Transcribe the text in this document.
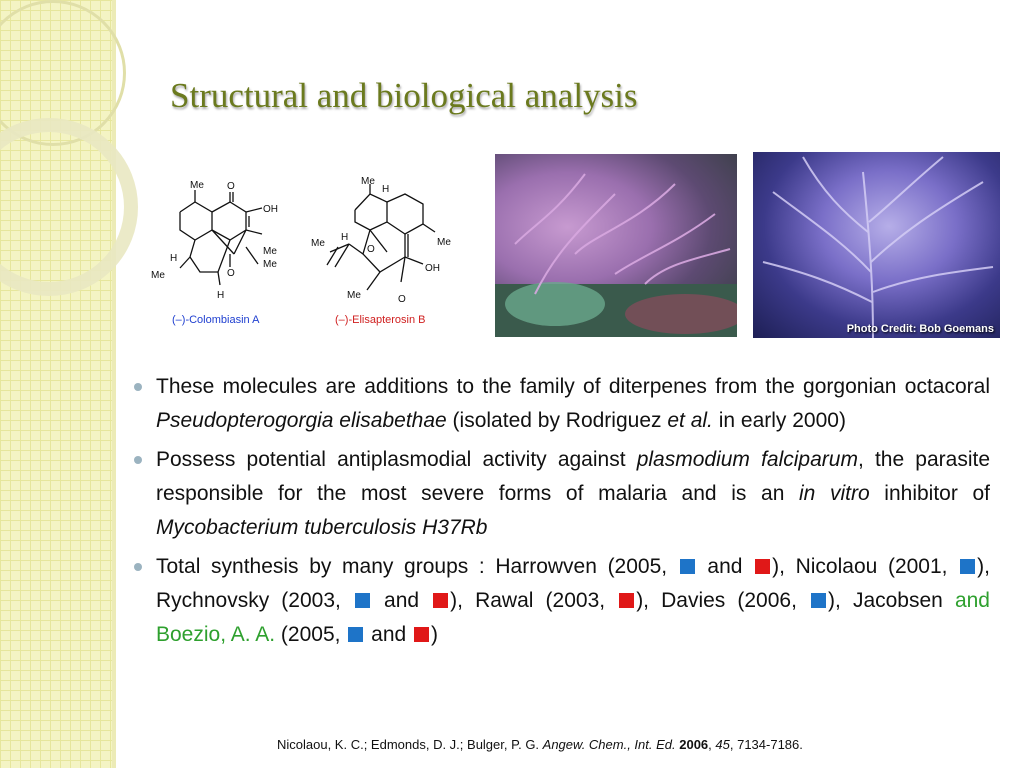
Structural and biological analysis
Me O
OH
Me
Me
H
Me	O
H
(–)-Colombiasin A
Me
H
H
O
Me
Me
OH
Me	O
(–)-Elisapterosin B
Photo Credit: Bob Goemans
These molecules are additions to the family of diterpenes from the gorgonian octacoral Pseudopterogorgia elisabethae (isolated by Rodriguez et al. in early 2000)
Possess potential antiplasmodial activity against plasmodium falciparum, the parasite responsible for the most severe forms of malaria and is an in vitro inhibitor of Mycobacterium tuberculosis H37Rb
Total synthesis by many groups : Harrowven (2005,  and ), Nicolaou (2001, ), Rychnovsky (2003,  and ), Rawal (2003, ), Davies (2006, ), Jacobsen and Boezio, A. A. (2005,  and )
Nicolaou, K. C.; Edmonds, D. J.; Bulger, P. G. Angew. Chem., Int. Ed. 2006, 45, 7134-7186.
